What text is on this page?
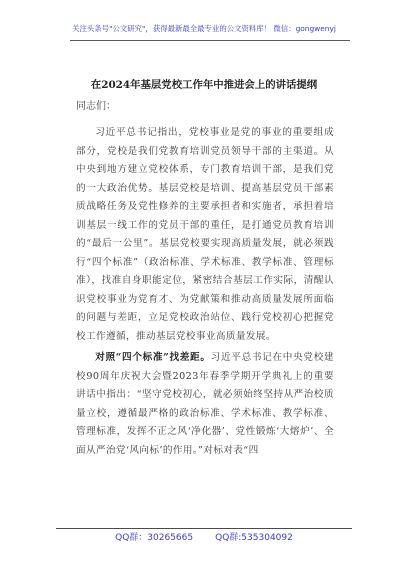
关注头条号"公文研究"，获得最新最全最专业的公文资料库！ 微信：gongwenyj
在2024年基层党校工作年中推进会上的讲话提纲
同志们：

习近平总书记指出，党校事业是党的事业的重要组成部分，党校是我们党教育培训党员领导干部的主渠道。从中央到地方建立党校体系，专门教育培训干部，是我们党的一大政治优势。基层党校是培训、提高基层党员干部素质战略任务及党性修养的主要承担者和实施者，承担着培训基层一线工作的党员干部的重任，是打通党员教育培训的“最后一公里”。基层党校要实现高质量发展，就必须践行“四个标准”（政治标准、学术标准、教学标准、管理标准），找准自身职能定位，紧密结合基层工作实际，清醒认识党校事业为党育才、为党献策和推动高质量发展所面临的问题与差距，立足党校政治站位、践行党校初心把握党校工作遵循，推动基层党校事业高质量发展。

对照“四个标准”找差距。习近平总书记在中央党校建校90周年庆祝大会暨2023年春季学期开学典礼上的重要讲话中指出：“坚守党校初心，就必须始终坚持从严治校质量立校，遵循最严格的政治标准、学术标准、教学标准、管理标准，发挥不正之风‘净化器’、党性锻炼‘大熔炉’、全面从严治党‘风向标’的作用。”对标对表“四

QQ群：30265665 QQ群:535304092
